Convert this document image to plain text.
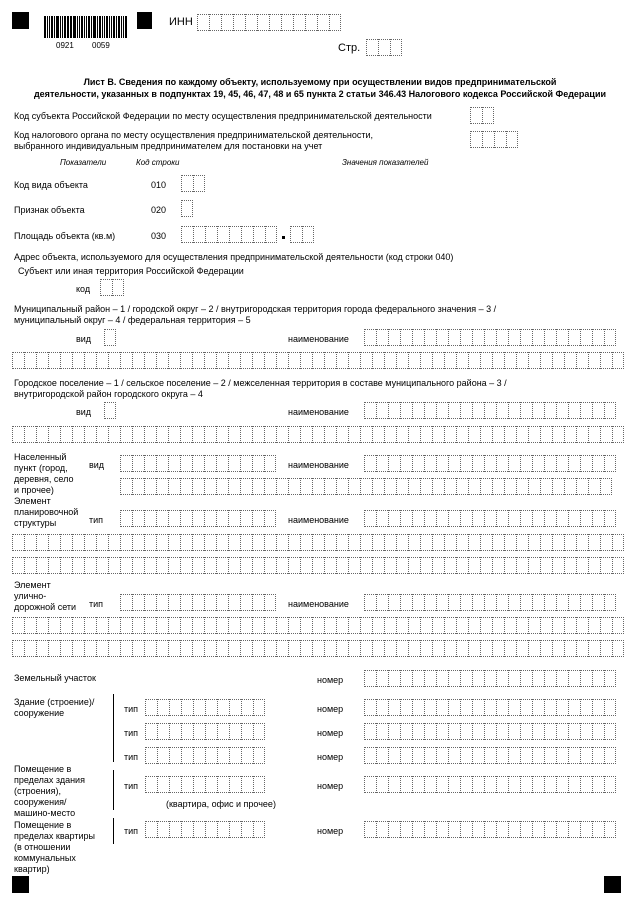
0921 0059
ИНН
Стр.
Лист В. Сведения по каждому объекту, используемому при осуществлении видов предпринимательской
деятельности, указанных в подпунктах 19, 45, 46, 47, 48 и 65 пункта 2 статьи 346.43 Налогового кодекса Российской Федерации
Код субъекта Российской Федерации по месту осуществления предпринимательской деятельности
Код налогового органа по месту осуществления предпринимательской деятельности,
выбранного индивидуальным предпринимателем для постановки на учет
Показатели	Код строки	Значения показателей
Код вида объекта	010
Признак объекта	020
Площадь объекта (кв.м)	030
Адрес объекта, используемого для осуществления предпринимательской деятельности (код строки 040)
Субъект или иная территория Российской Федерации
код
Муниципальный район – 1 / городской округ – 2 / внутригородская территория города федерального значения – 3 /
муниципальный округ – 4 / федеральная территория – 5
вид	наименование
Городское поселение – 1 / сельское поселение – 2 / межселенная территория в составе муниципального района – 3 /
внутригородской район городского округа – 4
вид	наименование
Населенный
пункт (город,
деревня, село
и прочее)
вид	наименование
Элемент
планировочной
структуры	тип	наименование
Элемент
улично-
дорожной сети тип	наименование
Земельный участок	номер
Здание (строение)/
сооружение	тип	номер
тип	номер
тип	номер
Помещение в
пределах здания
(строения),
сооружения/
машино-место
тип	номер
(квартира, офис и прочее)
Помещение в
пределах квартиры
(в отношении
коммунальных
квартир)
тип	номер
